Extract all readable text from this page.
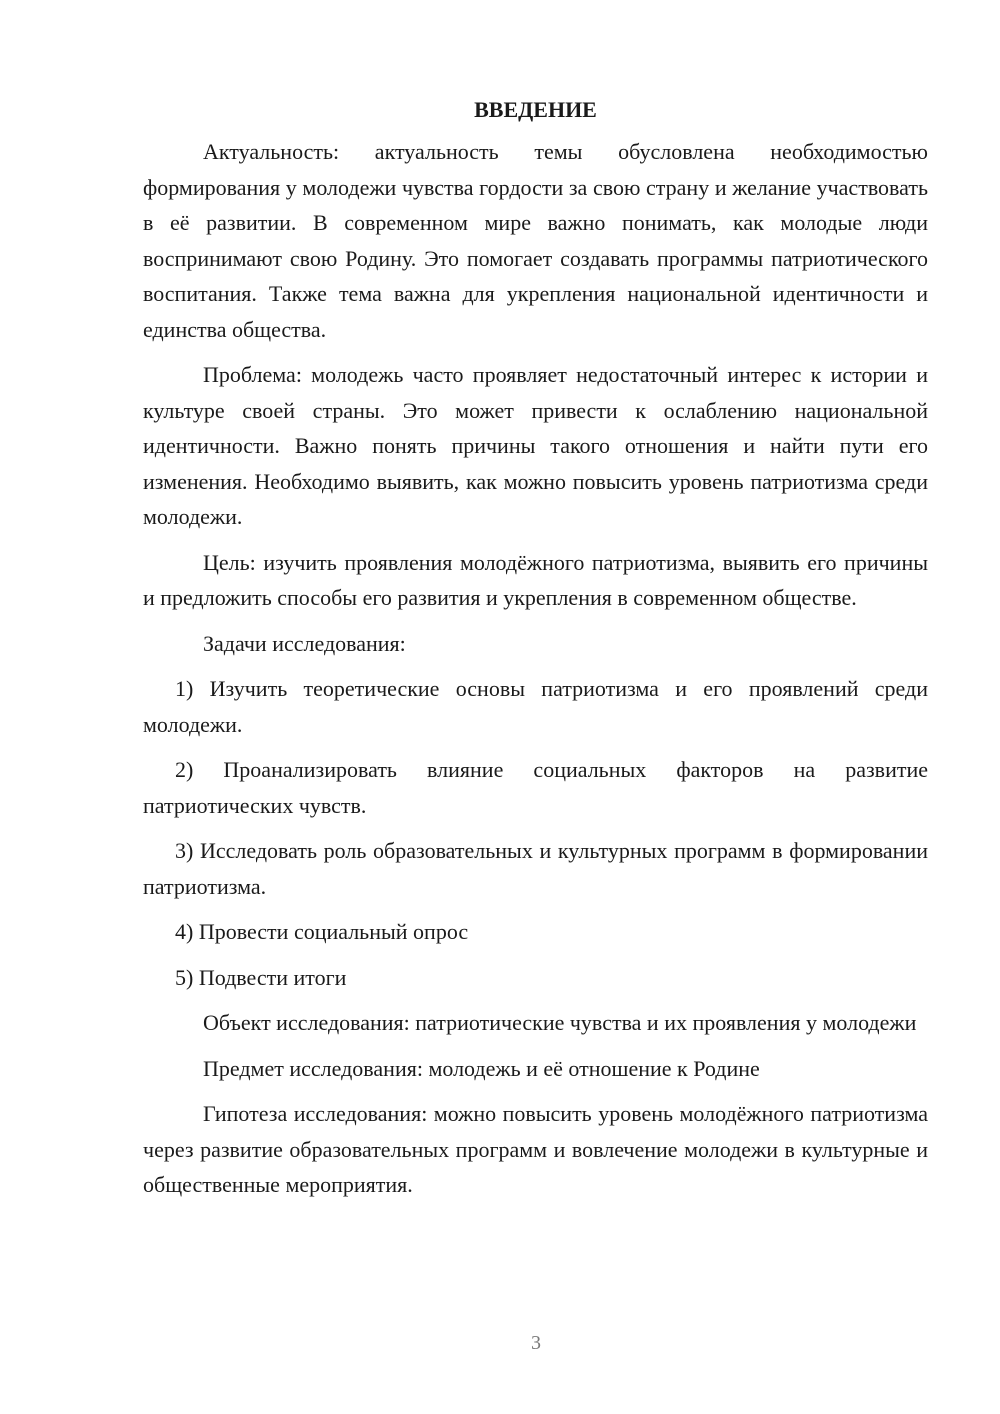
ВВЕДЕНИЕ

Актуальность: актуальность темы обусловлена необходимостью формирования у молодежи чувства гордости за свою страну и желание участвовать в её развитии. В современном мире важно понимать, как молодые люди воспринимают свою Родину. Это помогает создавать программы патриотического воспитания. Также тема важна для укрепления национальной идентичности и единства общества.

Проблема: молодежь часто проявляет недостаточный интерес к истории и культуре своей страны. Это может привести к ослаблению национальной идентичности. Важно понять причины такого отношения и найти пути его изменения. Необходимо выявить, как можно повысить уровень патриотизма среди молодежи.

Цель: изучить проявления молодёжного патриотизма, выявить его причины и предложить способы его развития и укрепления в современном обществе.

Задачи исследования:

1) Изучить теоретические основы патриотизма и его проявлений среди молодежи.

2) Проанализировать влияние социальных факторов на развитие патриотических чувств.

3) Исследовать роль образовательных и культурных программ в формировании патриотизма.

4) Провести социальный опрос

5) Подвести итоги

Объект исследования: патриотические чувства и их проявления у молодежи

Предмет исследования: молодежь и её отношение к Родине

Гипотеза исследования: можно повысить уровень молодёжного патриотизма через развитие образовательных программ и вовлечение молодежи в культурные и общественные мероприятия.

3
